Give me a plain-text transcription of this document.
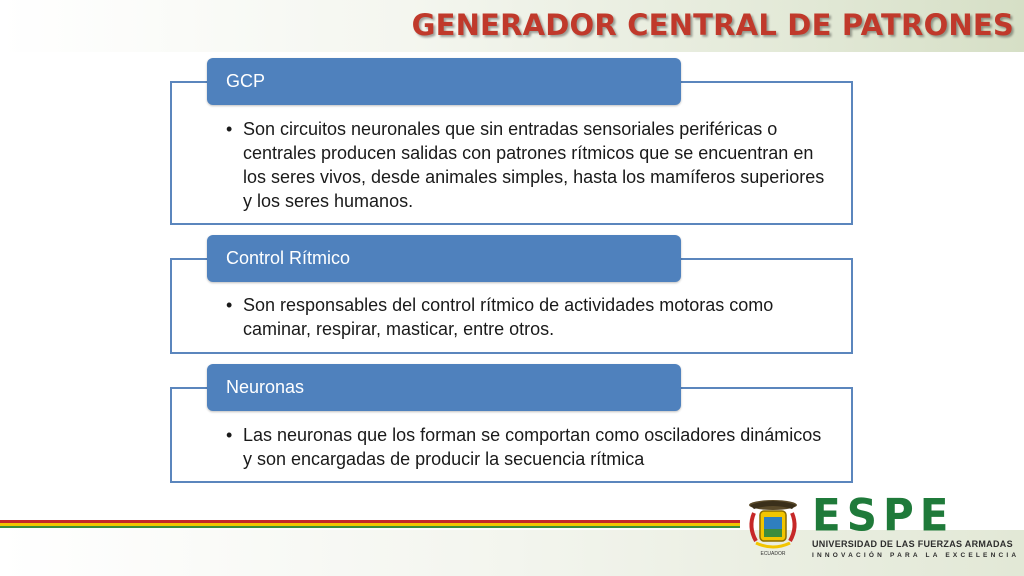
GENERADOR CENTRAL DE PATRONES
GCP
• Son circuitos neuronales que sin entradas sensoriales periféricas o centrales producen salidas con patrones rítmicos que se encuentran en los seres vivos, desde animales simples, hasta los mamíferos superiores y los seres humanos.
Control Rítmico
• Son responsables del control rítmico de actividades motoras como caminar, respirar, masticar, entre otros.
Neuronas
• Las neuronas que los forman se comportan como osciladores dinámicos y son encargadas de producir la secuencia rítmica
ECUADOR
ESPE
UNIVERSIDAD DE LAS FUERZAS ARMADAS
INNOVACIÓN PARA LA EXCELENCIA
